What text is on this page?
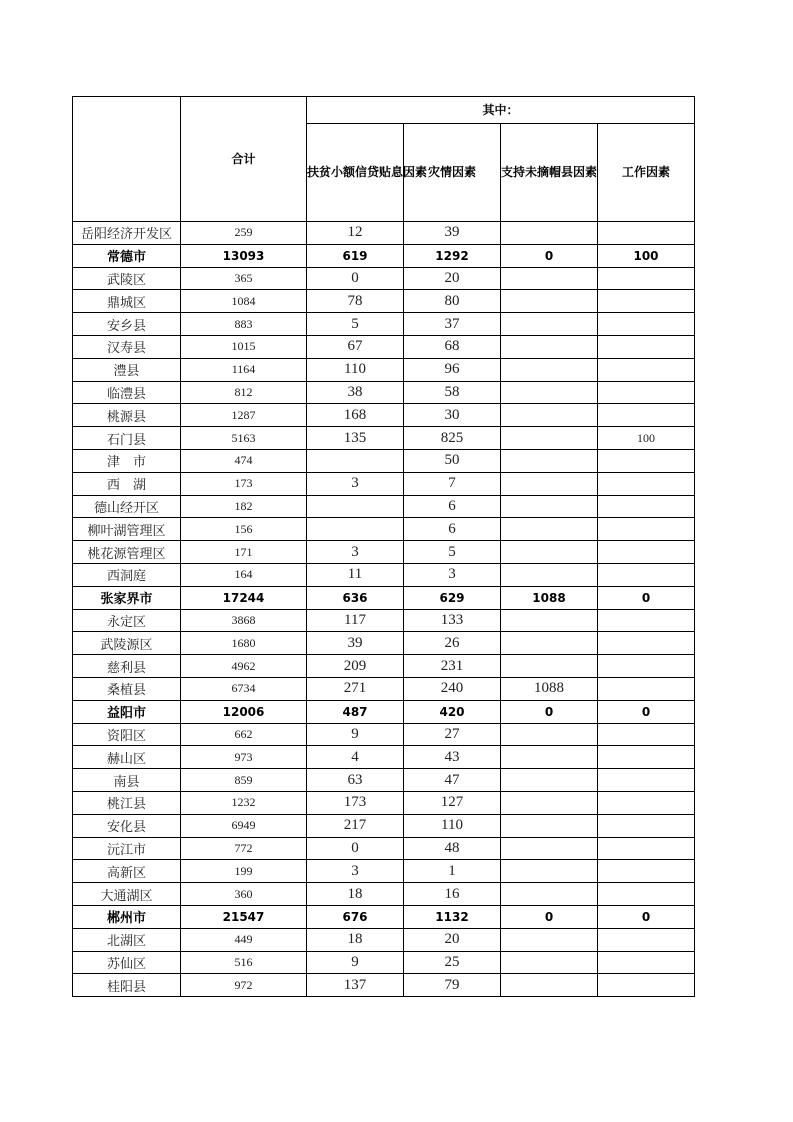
	合计	其中：			
		扶贫小额信贷贴息因素	灾情因素	支持未摘帽县因素	工作因素
岳阳经济开发区	259	12	39		
常德市	13093	619	1292	0	100
武陵区	365	0	20		
鼎城区	1084	78	80		
安乡县	883	5	37		
汉寿县	1015	67	68		
澧县	1164	110	96		
临澧县	812	38	58		
桃源县	1287	168	30		
石门县	5163	135	825		100
津　市	474		50		
西　湖	173	3	7		
德山经开区	182		6		
柳叶湖管理区	156		6		
桃花源管理区	171	3	5		
西洞庭	164	11	3		
张家界市	17244	636	629	1088	0
永定区	3868	117	133		
武陵源区	1680	39	26		
慈利县	4962	209	231		
桑植县	6734	271	240	1088	
益阳市	12006	487	420	0	0
资阳区	662	9	27		
赫山区	973	4	43		
南县	859	63	47		
桃江县	1232	173	127		
安化县	6949	217	110		
沅江市	772	0	48		
高新区	199	3	1		
大通湖区	360	18	16		
郴州市	21547	676	1132	0	0
北湖区	449	18	20		
苏仙区	516	9	25		
桂阳县	972	137	79		
